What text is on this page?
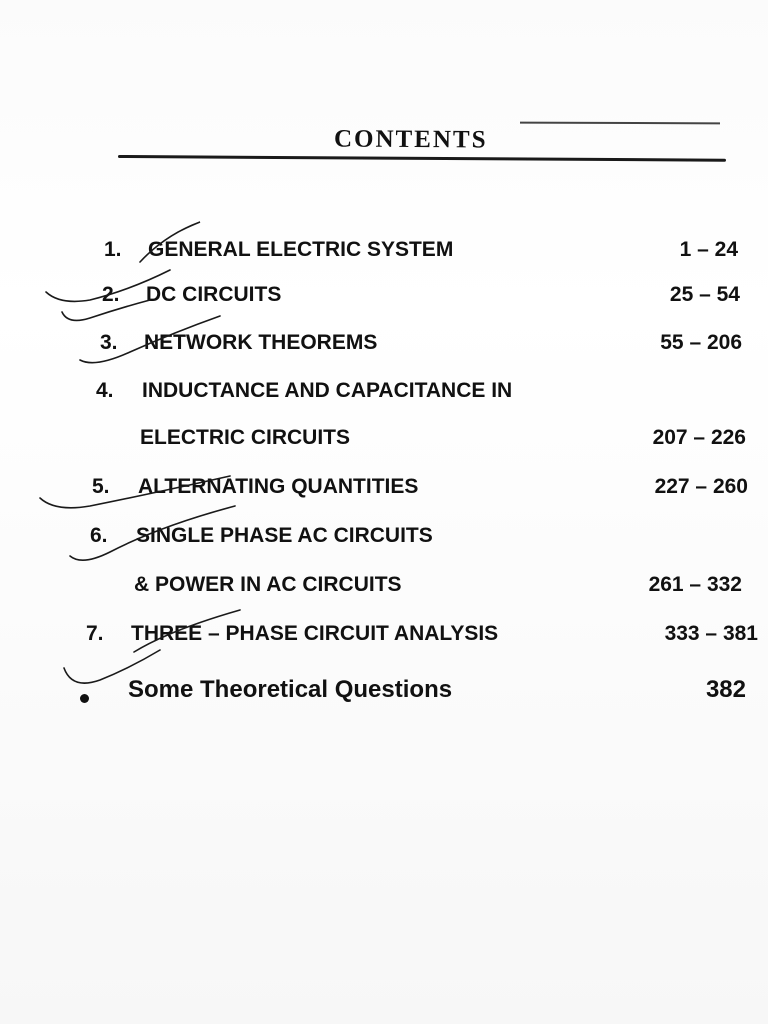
CONTENTS
1. GENERAL ELECTRIC SYSTEM	1 – 24
2. DC CIRCUITS	25 – 54
3. NETWORK THEOREMS	55 – 206
4. INDUCTANCE AND CAPACITANCE IN
ELECTRIC CIRCUITS	207 – 226
5. ALTERNATING QUANTITIES	227 – 260
6. SINGLE PHASE AC CIRCUITS
& POWER IN AC CIRCUITS	261 – 332
7. THREE – PHASE CIRCUIT ANALYSIS	333 – 381
Some Theoretical Questions	382
